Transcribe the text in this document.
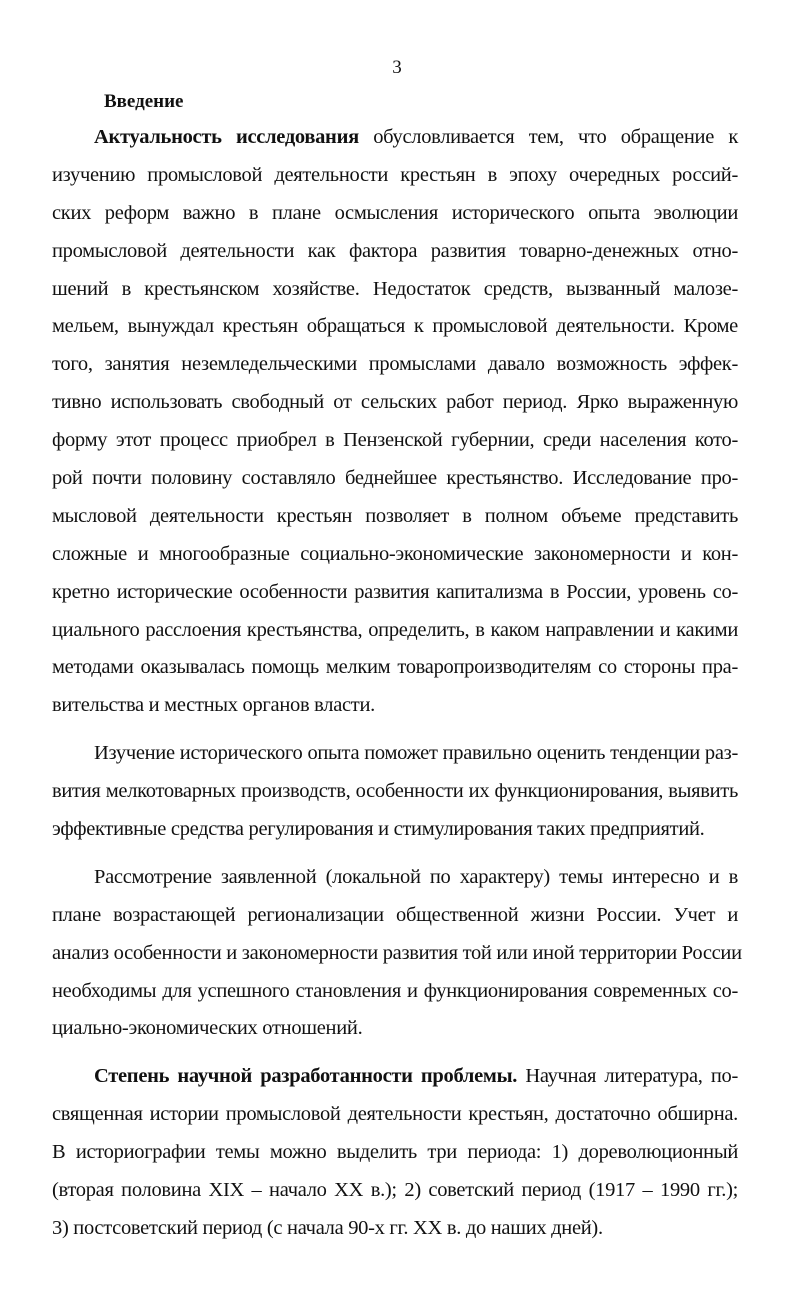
3
Введение
Актуальность исследования обусловливается тем, что обращение к
изучению промысловой деятельности крестьян в эпоху очередных россий-
ских реформ важно в плане осмысления исторического опыта эволюции
промысловой деятельности как фактора развития товарно-денежных отно-
шений в крестьянском хозяйстве. Недостаток средств, вызванный малозе-
мельем, вынуждал крестьян обращаться к промысловой деятельности. Кроме
того, занятия неземледельческими промыслами давало возможность эффек-
тивно использовать свободный от сельских работ период. Ярко выраженную
форму этот процесс приобрел в Пензенской губернии, среди населения кото-
рой почти половину составляло беднейшее крестьянство. Исследование про-
мысловой деятельности крестьян позволяет в полном объеме представить
сложные и многообразные социально-экономические закономерности и кон-
кретно исторические особенности развития капитализма в России, уровень со-
циального расслоения крестьянства, определить, в каком направлении и какими
методами оказывалась помощь мелким товаропроизводителям со стороны пра-
вительства и местных органов власти.
Изучение исторического опыта поможет правильно оценить тенденции раз-
вития мелкотоварных производств, особенности их функционирования, выявить
эффективные средства регулирования и стимулирования таких предприятий.
Рассмотрение заявленной (локальной по характеру) темы интересно и в
плане возрастающей регионализации общественной жизни России. Учет и
анализ особенности и закономерности развития той или иной территории России
необходимы для успешного становления и функционирования современных со-
циально-экономических отношений.
Степень научной разработанности проблемы. Научная литература, по-
священная истории промысловой деятельности крестьян, достаточно обширна.
В историографии темы можно выделить три периода: 1) дореволюционный
(вторая половина XIX – начало XX в.); 2) советский период (1917 – 1990 гг.);
3) постсоветский период (с начала 90-х гг. XX в. до наших дней).
